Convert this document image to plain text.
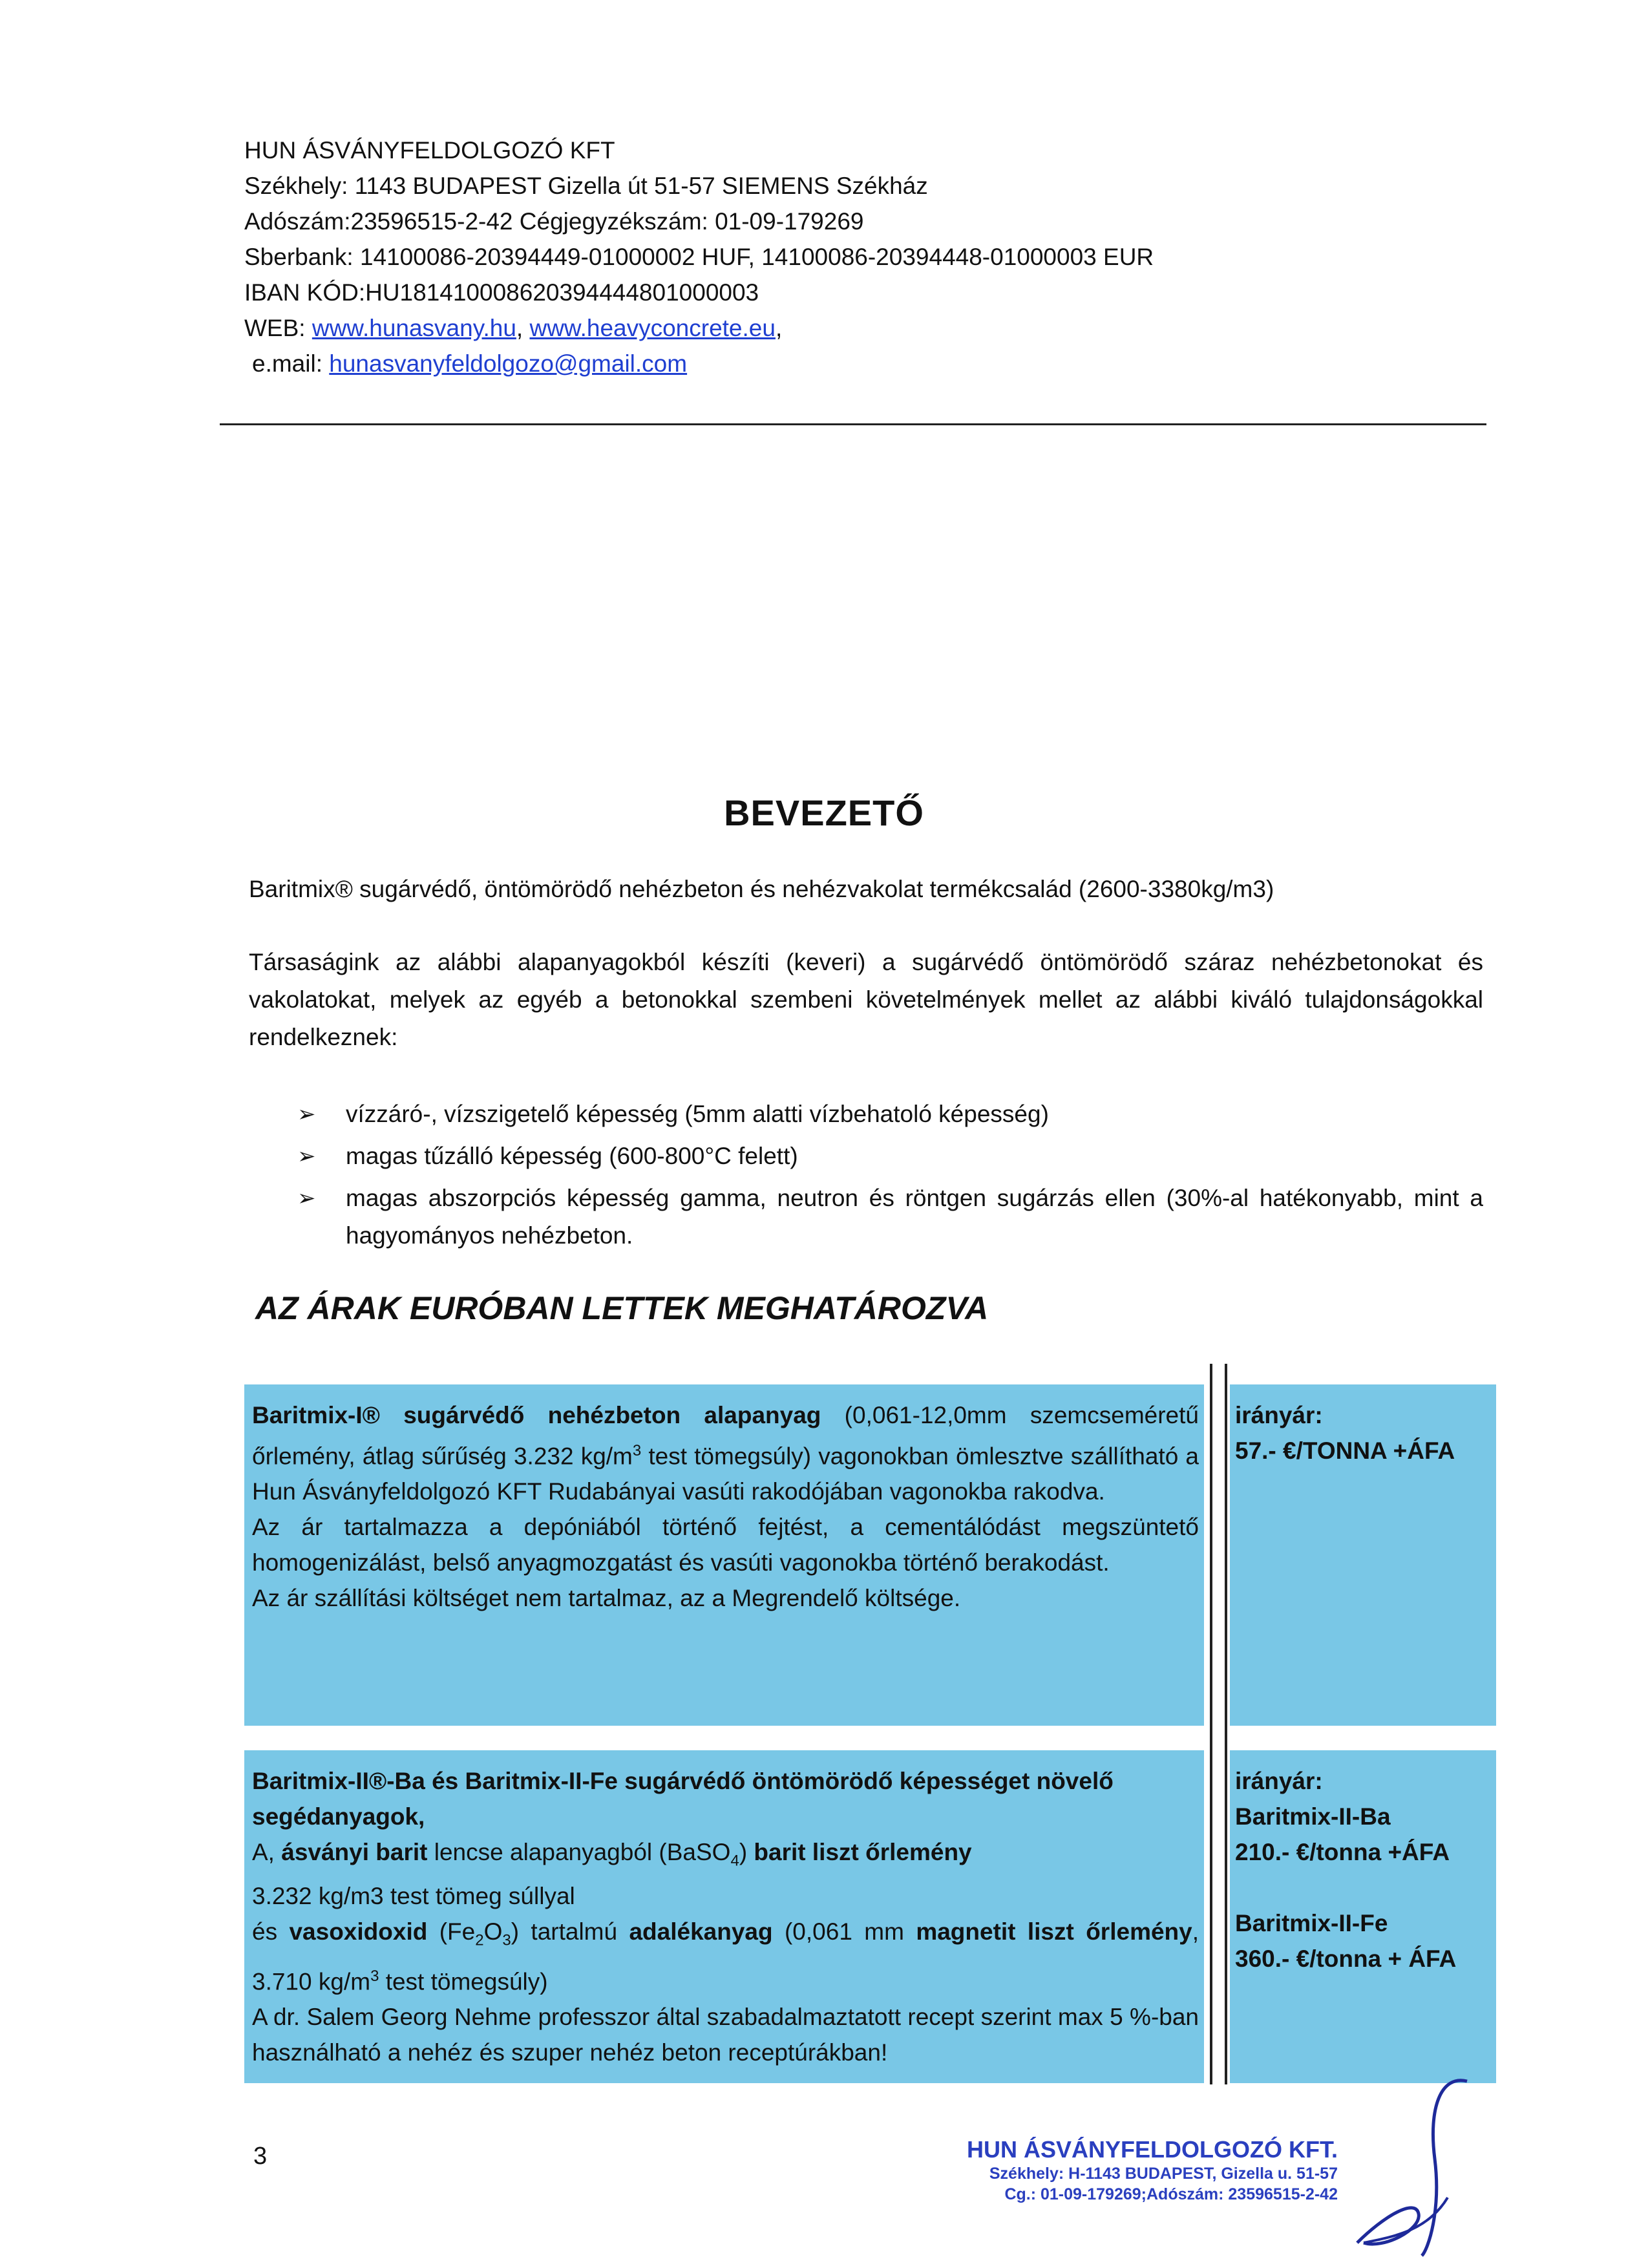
HUN ÁSVÁNYFELDOLGOZÓ KFT
Székhely: 1143 BUDAPEST Gizella út 51-57 SIEMENS Székház
Adószám:23596515-2-42 Cégjegyzékszám: 01-09-179269
Sberbank: 14100086-20394449-01000002 HUF, 14100086-20394448-01000003 EUR
IBAN KÓD:HU18141000862039444480100000​3
WEB: www.hunasvany.hu, www.heavyconcrete.eu,
e.mail: hunasvanyfeldolgozo@gmail.com
BEVEZETŐ
Baritmix® sugárvédő, öntömörödő nehézbeton és nehézvakolat termékcsalád (2600-3380kg/m3)
Társaságink az alábbi alapanyagokból készíti (keveri) a sugárvédő öntömörödő száraz nehézbetonokat és vakolatokat, melyek az egyéb a betonokkal szembeni követelmények mellet az alábbi kiváló tulajdonságokkal rendelkeznek:
➢ vízzáró-, vízszigetelő képesség (5mm alatti vízbehatoló képesség)
➢ magas tűzálló képesség (600-800°C felett)
➢ magas abszorpciós képesség gamma, neutron és röntgen sugárzás ellen (30%-al hatékonyabb, mint a hagyományos nehézbeton.
AZ ÁRAK EURÓBAN LETTEK MEGHATÁROZVA
Baritmix-I® sugárvédő nehézbeton alapanyag (0,061-12,0mm szemcseméretű őrlemény, átlag sűrűség 3.232 $kg/m^3$ test tömegsúly) vagonokban ömlesztve szállítható a Hun Ásványfeldolgozó KFT Rudabányai vasúti rakodójában vagonokba rakodva.
Az ár tartalmazza a depóniából történő fejtést, a cementálódást megszüntető homogenizálást, belső anyagmozgatást és vasúti vagonokba történő berakodást.
Az ár szállítási költséget nem tartalmaz, az a Megrendelő költsége.
irányár:
57.- €/TONNA +ÁFA
Baritmix-II®-Ba és Baritmix-II-Fe sugárvédő öntömörödő képességet növelő segédanyagok,
A, ásványi barit lencse alapanyagból (BaSO$_4$) barit liszt őrlemény
3.232 kg/m3 test tömeg súllyal
és vasoxidoxid $(Fe_2O_3)$ tartalmú adalékanyag (0,061 mm magnetit liszt őrlemény, 3.710 $kg/m^3$ test tömegsúly)
A dr. Salem Georg Nehme professzor által szabadalmaztatott recept szerint max 5 %-ban használható a nehéz és szuper nehéz beton receptúrákban!
irányár:
Baritmix-II-Ba
210.- €/tonna +ÁFA
Baritmix-II-Fe
360.- €/tonna + ÁFA
3	HUN ÁSVÁNYFELDOLGOZÓ KFT.
Székhely: H-1143 BUDAPEST, Gizella u. 51-57
Cg.: 01-09-179269;Adószám: 23596515-2-42
